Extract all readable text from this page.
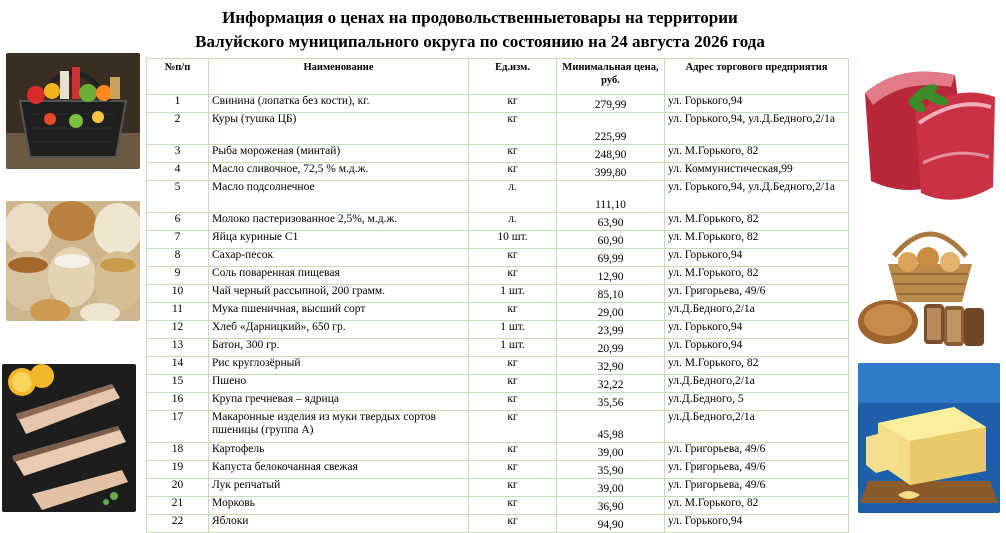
Информация о ценах на продовольственныетовары на территории
Валуйского муниципального округа по состоянию на 24 августа 2026 года
№п/п	Наименование	Ед.изм.	Минимальная цена, руб.	Адрес торгового предприятия
1	Свинина (лопатка без кости), кг.	кг	279,99	ул. Горького,94
2	Куры (тушка ЦБ)	кг	225,99	ул. Горького,94, ул.Д.Бедного,2/1а
3	Рыба мороженая (минтай)	кг	248,90	ул. М.Горького, 82
4	Масло сливочное, 72,5 % м.д.ж.	кг	399,80	ул. Коммунистическая,99
5	Масло подсолнечное	л.	111,10	ул. Горького,94, ул.Д.Бедного,2/1а
6	Молоко пастеризованное 2,5%, м.д.ж.	л.	63,90	ул. М.Горького, 82
7	Яйца куриные С1	10 шт.	60,90	ул. М.Горького, 82
8	Сахар-песок	кг	69,99	ул. Горького,94
9	Соль поваренная пищевая	кг	12,90	ул. М.Горького, 82
10	Чай черный рассыпной, 200 грамм.	1 шт.	85,10	ул. Григорьева, 49/6
11	Мука пшеничная, высший сорт	кг	29,00	ул.Д.Бедного,2/1а
12	Хлеб «Дарницкий», 650 гр.	1 шт.	23,99	ул. Горького,94
13	Батон, 300 гр.	1 шт.	20,99	ул. Горького,94
14	Рис круглозёрный	кг	32,90	ул. М.Горького, 82
15	Пшено	кг	32,22	ул.Д.Бедного,2/1а
16	Крупа гречневая – ядрица	кг	35,56	ул.Д.Бедного, 5
17	Макаронные изделия из муки твердых сортов пшеницы (группа А)	кг	45,98	ул.Д.Бедного,2/1а
18	Картофель	кг	39,00	ул. Григорьева, 49/6
19	Капуста белокочанная свежая	кг	35,90	ул. Григорьева, 49/6
20	Лук репчатый	кг	39,00	ул. Григорьева, 49/6
21	Морковь	кг	36,90	ул. М.Горького, 82
22	Яблоки	кг	94,90	ул. Горького,94
